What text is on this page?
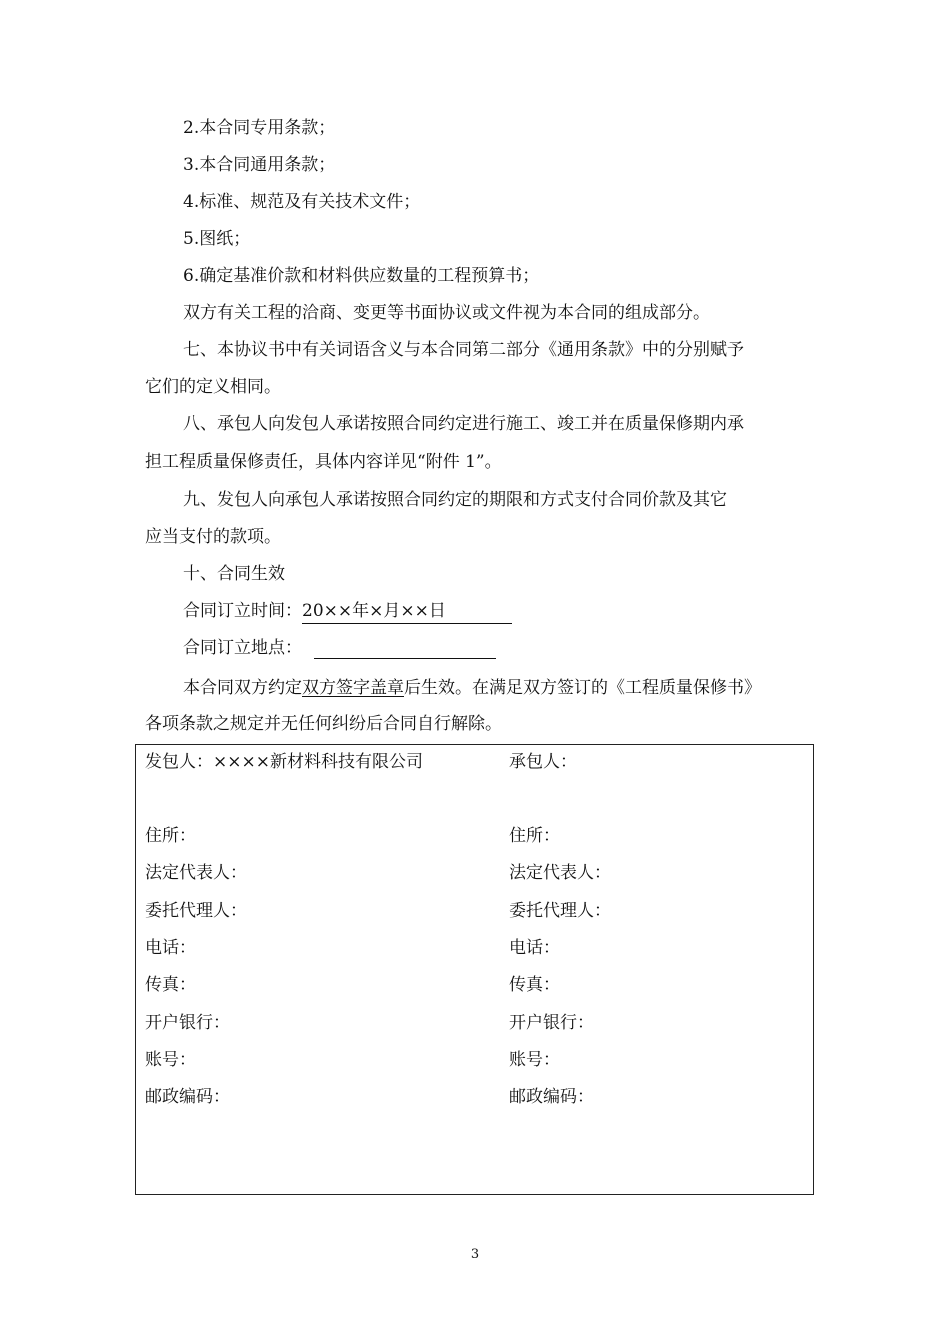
2.本合同专用条款；
3.本合同通用条款；
4.标准、规范及有关技术文件；
5.图纸；
6.确定基准价款和材料供应数量的工程预算书；
双方有关工程的洽商、变更等书面协议或文件视为本合同的组成部分。
七、本协议书中有关词语含义与本合同第二部分《通用条款》中的分别赋予
它们的定义相同。
八、承包人向发包人承诺按照合同约定进行施工、竣工并在质量保修期内承
担工程质量保修责任，具体内容详见“附件 1”。
九、发包人向承包人承诺按照合同约定的期限和方式支付合同价款及其它
应当支付的款项。
十、合同生效
合同订立时间：20××年×月××日
合同订立地点：
本合同双方约定双方签字盖章后生效。在满足双方签订的《工程质量保修书》
各项条款之规定并无任何纠纷后合同自行解除。
发包人：××××新材料科技有限公司	承包人：
住所：	住所：
法定代表人：	法定代表人：
委托代理人：	委托代理人：
电话：	电话：
传真：	传真：
开户银行：	开户银行：
账号：	账号：
邮政编码：	邮政编码：
3
